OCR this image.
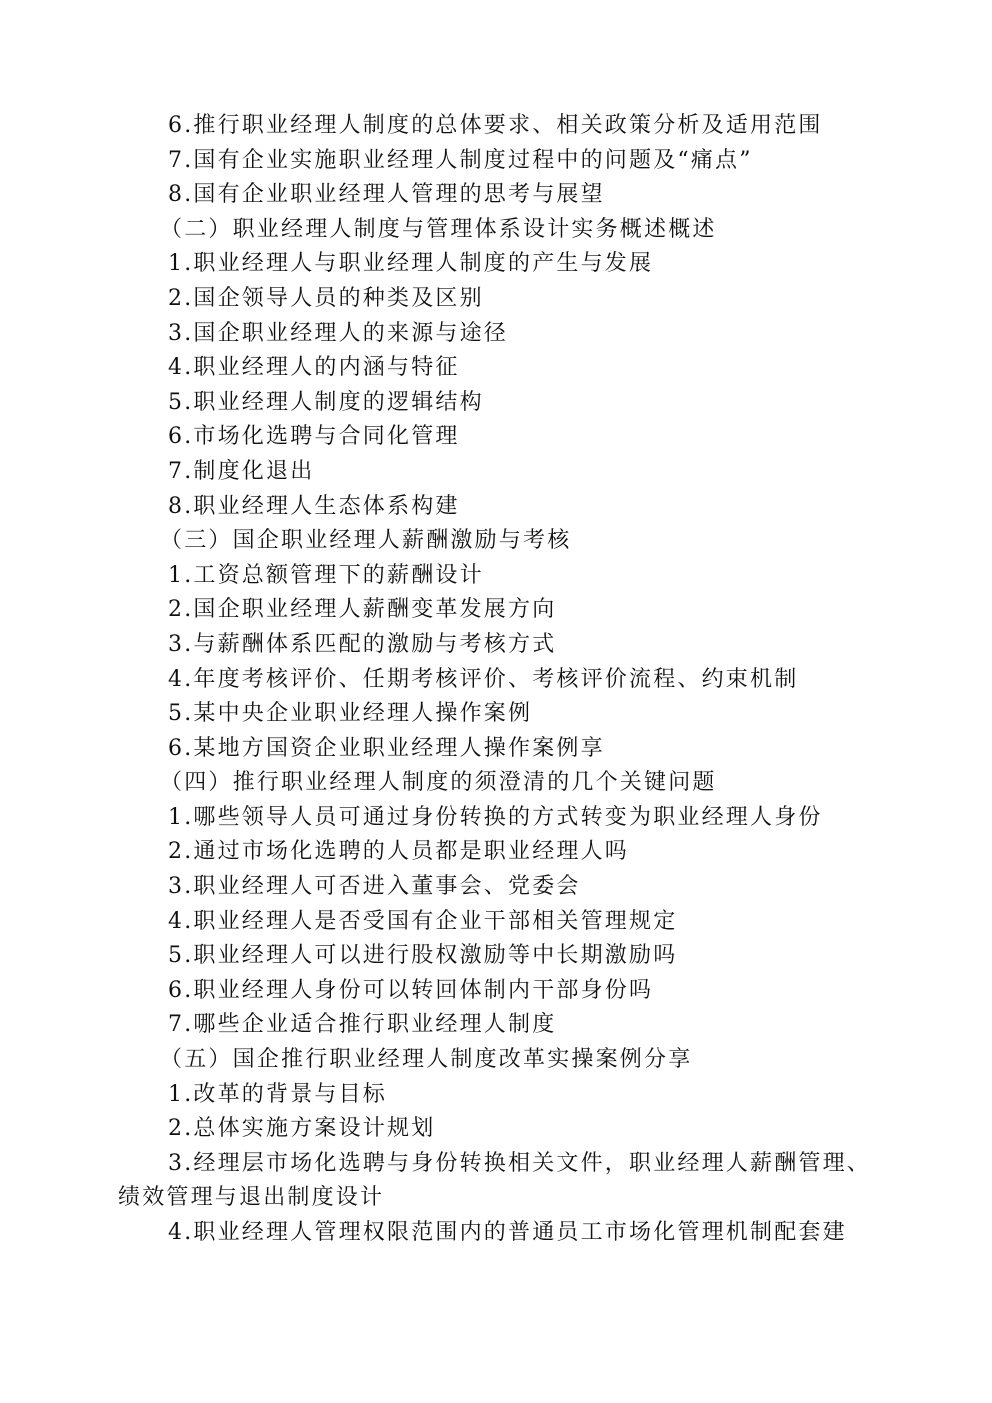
6.推行职业经理人制度的总体要求、相关政策分析及适用范围
7.国有企业实施职业经理人制度过程中的问题及“痛点”
8.国有企业职业经理人管理的思考与展望
（二）职业经理人制度与管理体系设计实务概述概述
1.职业经理人与职业经理人制度的产生与发展
2.国企领导人员的种类及区别
3.国企职业经理人的来源与途径
4.职业经理人的内涵与特征
5.职业经理人制度的逻辑结构
6.市场化选聘与合同化管理
7.制度化退出
8.职业经理人生态体系构建
（三）国企职业经理人薪酬激励与考核
1.工资总额管理下的薪酬设计
2.国企职业经理人薪酬变革发展方向
3.与薪酬体系匹配的激励与考核方式
4.年度考核评价、任期考核评价、考核评价流程、约束机制
5.某中央企业职业经理人操作案例
6.某地方国资企业职业经理人操作案例享
（四）推行职业经理人制度的须澄清的几个关键问题
1.哪些领导人员可通过身份转换的方式转变为职业经理人身份
2.通过市场化选聘的人员都是职业经理人吗
3.职业经理人可否进入董事会、党委会
4.职业经理人是否受国有企业干部相关管理规定
5.职业经理人可以进行股权激励等中长期激励吗
6.职业经理人身份可以转回体制内干部身份吗
7.哪些企业适合推行职业经理人制度
（五）国企推行职业经理人制度改革实操案例分享
1.改革的背景与目标
2.总体实施方案设计规划
3.经理层市场化选聘与身份转换相关文件，职业经理人薪酬管理、
绩效管理与退出制度设计
4.职业经理人管理权限范围内的普通员工市场化管理机制配套建
